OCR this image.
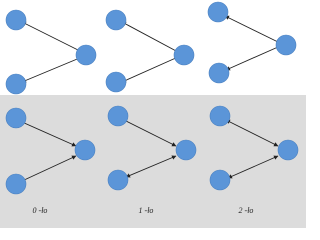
0 -ło	1 -ło	2 -ło
